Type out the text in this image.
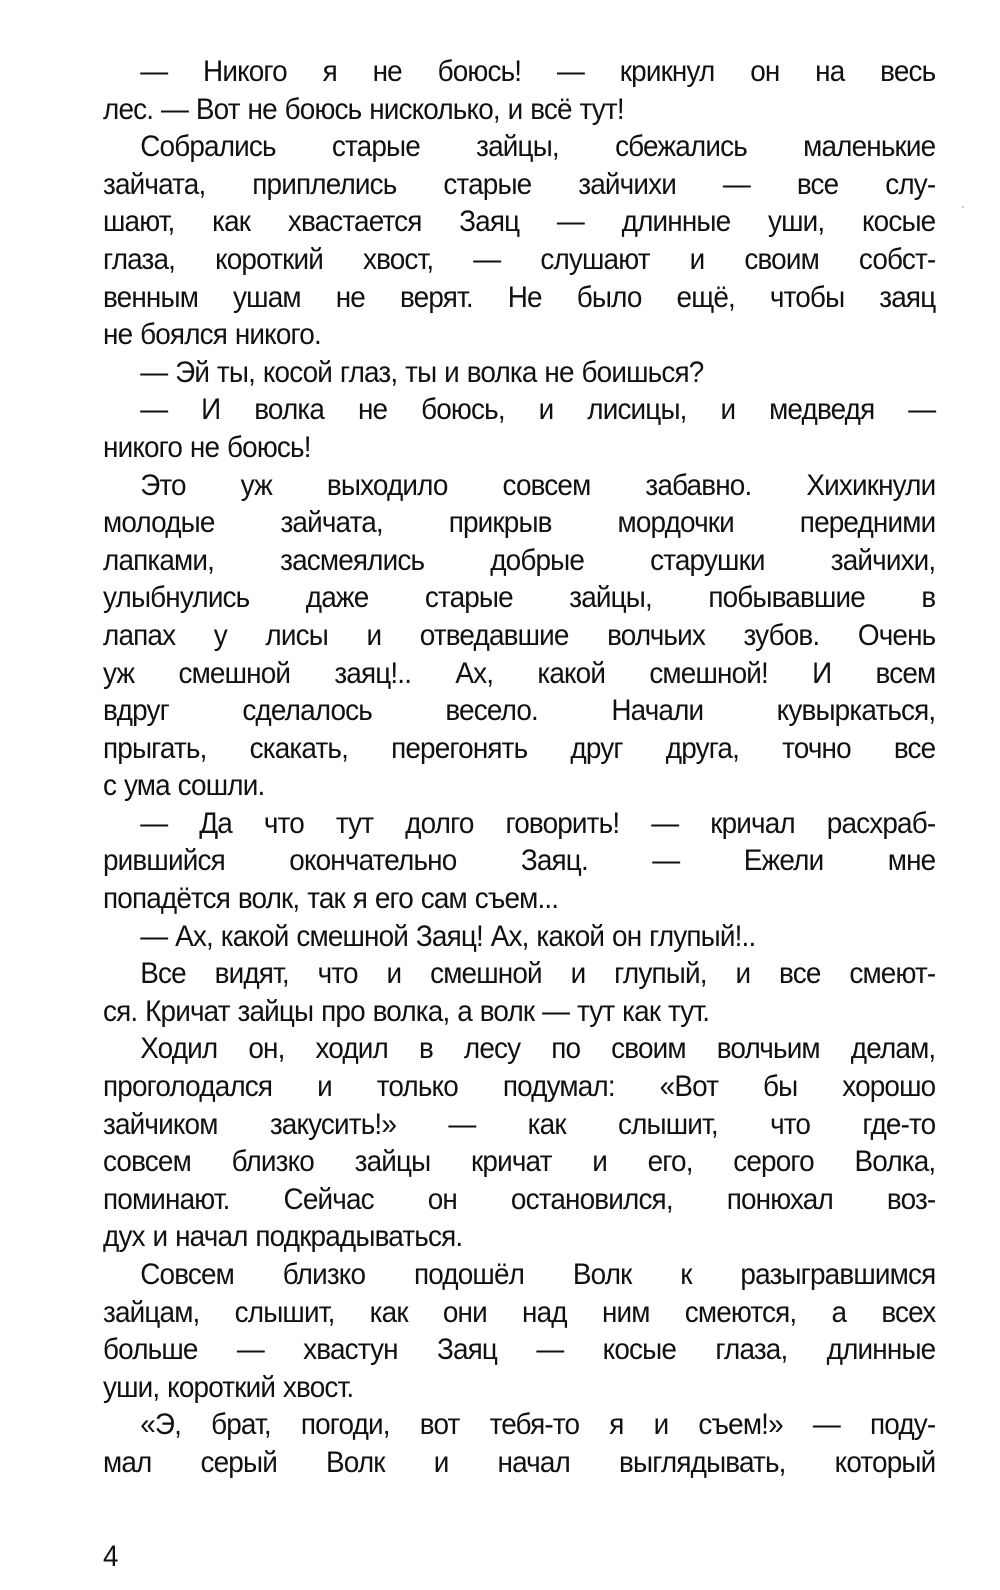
— Никого я не боюсь! — крикнул он на весь
лес. — Вот не боюсь нисколько, и всё тут!
Собрались старые зайцы, сбежались маленькие
зайчата, приплелись старые зайчихи — все слу-
шают, как хвастается Заяц — длинные уши, косые
глаза, короткий хвост, — слушают и своим собст-
венным ушам не верят. Не было ещё, чтобы заяц
не боялся никого.
— Эй ты, косой глаз, ты и волка не боишься?
— И волка не боюсь, и лисицы, и медведя —
никого не боюсь!
Это уж выходило совсем забавно. Хихикнули
молодые зайчата, прикрыв мордочки передними
лапками, засмеялись добрые старушки зайчихи,
улыбнулись даже старые зайцы, побывавшие в
лапах у лисы и отведавшие волчьих зубов. Очень
уж смешной заяц!.. Ах, какой смешной! И всем
вдруг сделалось весело. Начали кувыркаться,
прыгать, скакать, перегонять друг друга, точно все
с ума сошли.
— Да что тут долго говорить! — кричал расхраб-
рившийся окончательно Заяц. — Ежели мне
попадётся волк, так я его сам съем...
— Ах, какой смешной Заяц! Ах, какой он глупый!..
Все видят, что и смешной и глупый, и все смеют-
ся. Кричат зайцы про волка, а волк — тут как тут.
Ходил он, ходил в лесу по своим волчьим делам,
проголодался и только подумал: «Вот бы хорошо
зайчиком закусить!» — как слышит, что где-то
совсем близко зайцы кричат и его, серого Волка,
поминают. Сейчас он остановился, понюхал воз-
дух и начал подкрадываться.
Совсем близко подошёл Волк к разыгравшимся
зайцам, слышит, как они над ним смеются, а всех
больше — хвастун Заяц — косые глаза, длинные
уши, короткий хвост.
«Э, брат, погоди, вот тебя-то я и съем!» — поду-
мал серый Волк и начал выглядывать, который
4
